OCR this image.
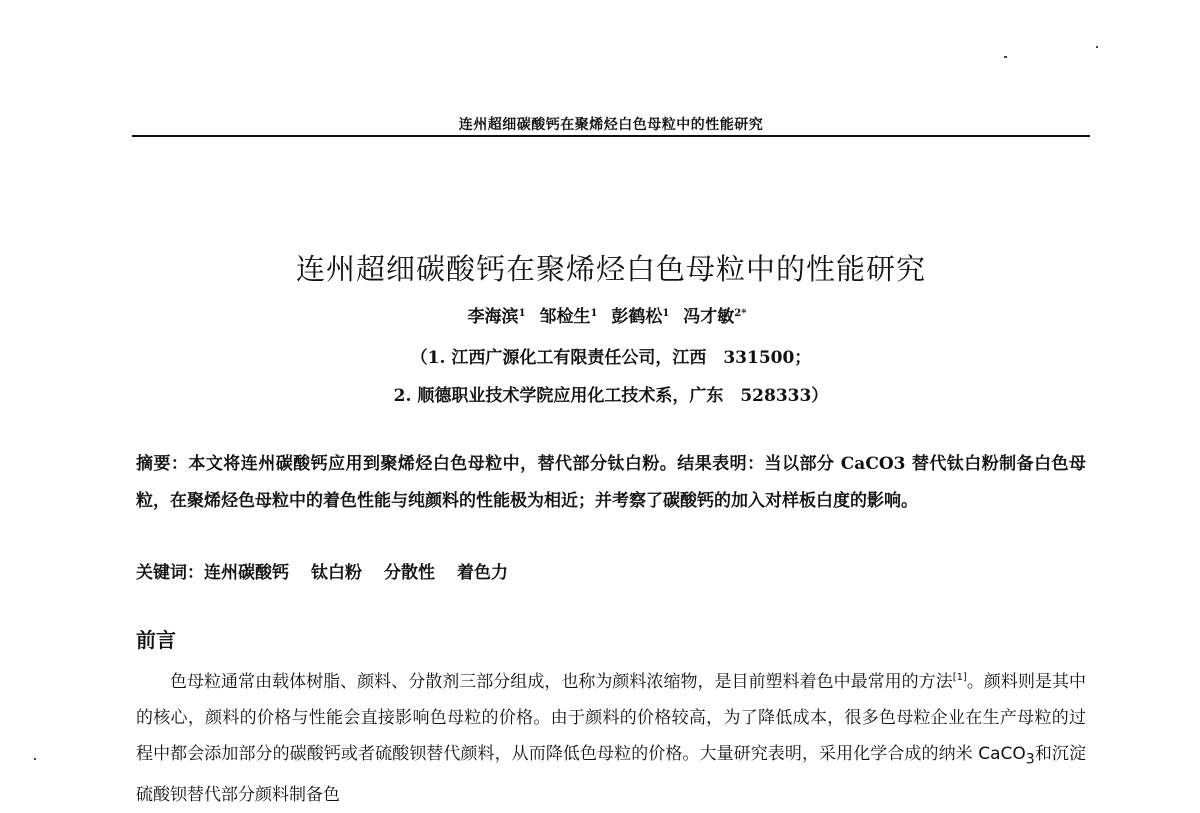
连州超细碳酸钙在聚烯烃白色母粒中的性能研究
连州超细碳酸钙在聚烯烃白色母粒中的性能研究
李海滨$^1$ 邹检生$^1$ 彭鹤松$^1$ 冯才敏$^{2*}$
（1. 江西广源化工有限责任公司，江西　331500；
2. 顺德职业技术学院应用化工技术系，广东　528333）
摘要：本文将连州碳酸钙应用到聚烯烃白色母粒中，替代部分钛白粉。结果表明：当以部分 CaCO3 替代钛白粉制备白色母粒，在聚烯烃色母粒中的着色性能与纯颜料的性能极为相近；并考察了碳酸钙的加入对样板白度的影响。
关键词：连州碳酸钙 钛白粉 分散性 着色力
前言
色母粒通常由载体树脂、颜料、分散剂三部分组成，也称为颜料浓缩物，是目前塑料着色中最常用的方法[1]。颜料则是其中的核心，颜料的价格与性能会直接影响色母粒的价格。由于颜料的价格较高，为了降低成本，很多色母粒企业在生产母粒的过程中都会添加部分的碳酸钙或者硫酸钡替代颜料，从而降低色母粒的价格。大量研究表明，采用化学合成的纳米 CaCO$_3$和沉淀硫酸钡替代部分颜料制备色
